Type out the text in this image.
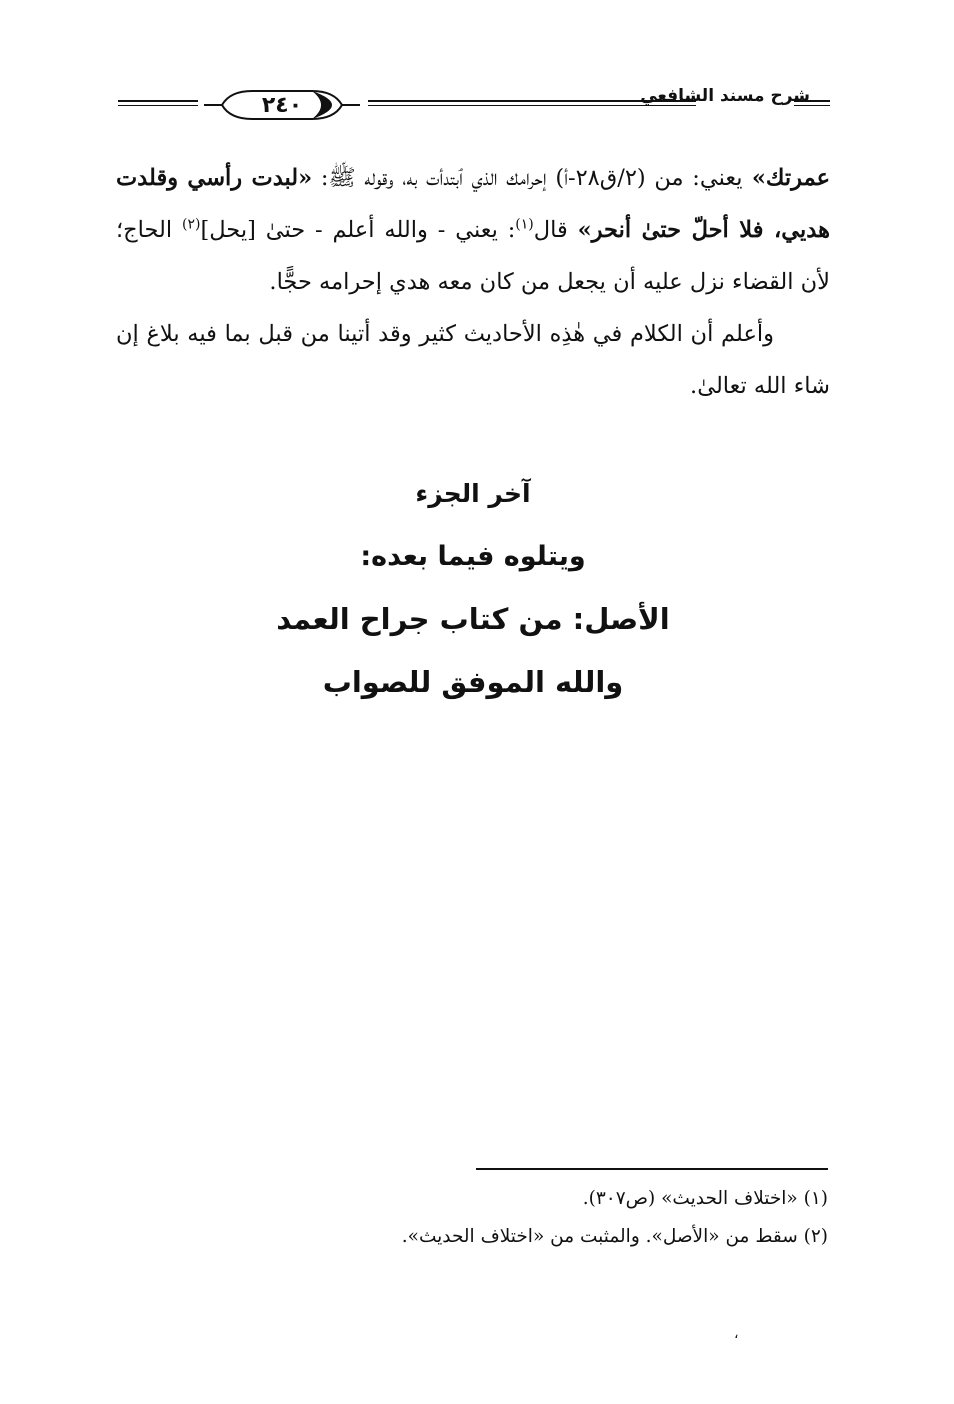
٢٤٠	شرح مسند الشافعي

عمرتك» يعني: من (٢/ق٢٨-أ) إحرامك الذي ٱبتدأت به، وقوله ﷺ: «لبدت رأسي وقلدت هديي، فلا أحلّ حتىٰ أنحر» قال$^{(١)}$: يعني - والله أعلم - حتىٰ [يحل]$^{(٢)}$ الحاج؛ لأن القضاء نزل عليه أن يجعل من كان معه هدي إحرامه حجًّا.

وأعلم أن الكلام في هٰذِه الأحاديث كثير وقد أتينا من قبل بما فيه بلاغ إن شاء الله تعالىٰ.

آخر الجزء
ويتلوه فيما بعده:
الأصل: من كتاب جراح العمد
والله الموفق للصواب
(١) «اختلاف الحديث» (ص٣٠٧).
(٢) سقط من «الأصل». والمثبت من «اختلاف الحديث».
،
